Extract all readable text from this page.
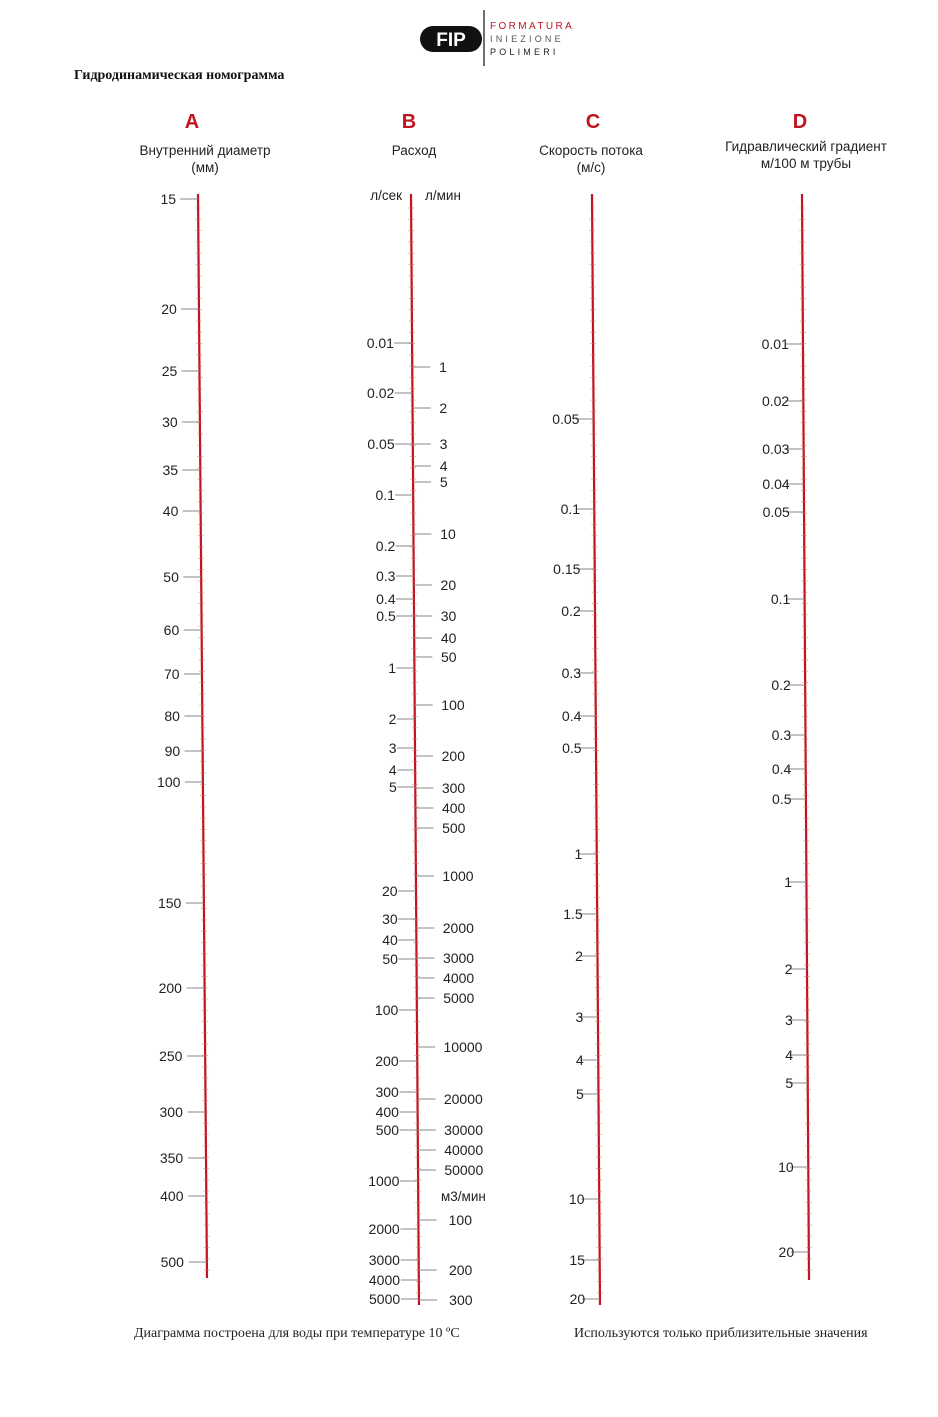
FIP
FORMATURA
INIEZIONE
POLIMERI
Гидродинамическая номограмма
A
Внутренний диаметр
(мм)
15
20
25
30
35
40
50
60
70
80
90
100
150
200
250
300
350
400
500
B
Расход
0.01
0.02
0.05
0.1
0.2
0.3
0.4
0.5
1
2
3
4
5
20
30
40
50
100
200
300
400
500
1000
2000
3000
4000
5000
1
2
3
4
5
10
20
30
40
50
100
200
300
400
500
1000
2000
3000
4000
5000
10000
20000
30000
40000
50000
100
200
300
л/сек л/мин
м3/мин
C
Скорость потока
(м/с)
0.05
0.1
0.15
0.2
0.3
0.4
0.5
1
1.5
2
3
4
5
10
15
20
D
Гидравлический градиент
м/100 м трубы
0.01
0.02
0.03
0.04
0.05
0.1
0.2
0.3
0.4
0.5
1
2
3
4
5
10
20
Диаграмма построена для воды при температуре 10 ºC	Используются только приблизительные значения
